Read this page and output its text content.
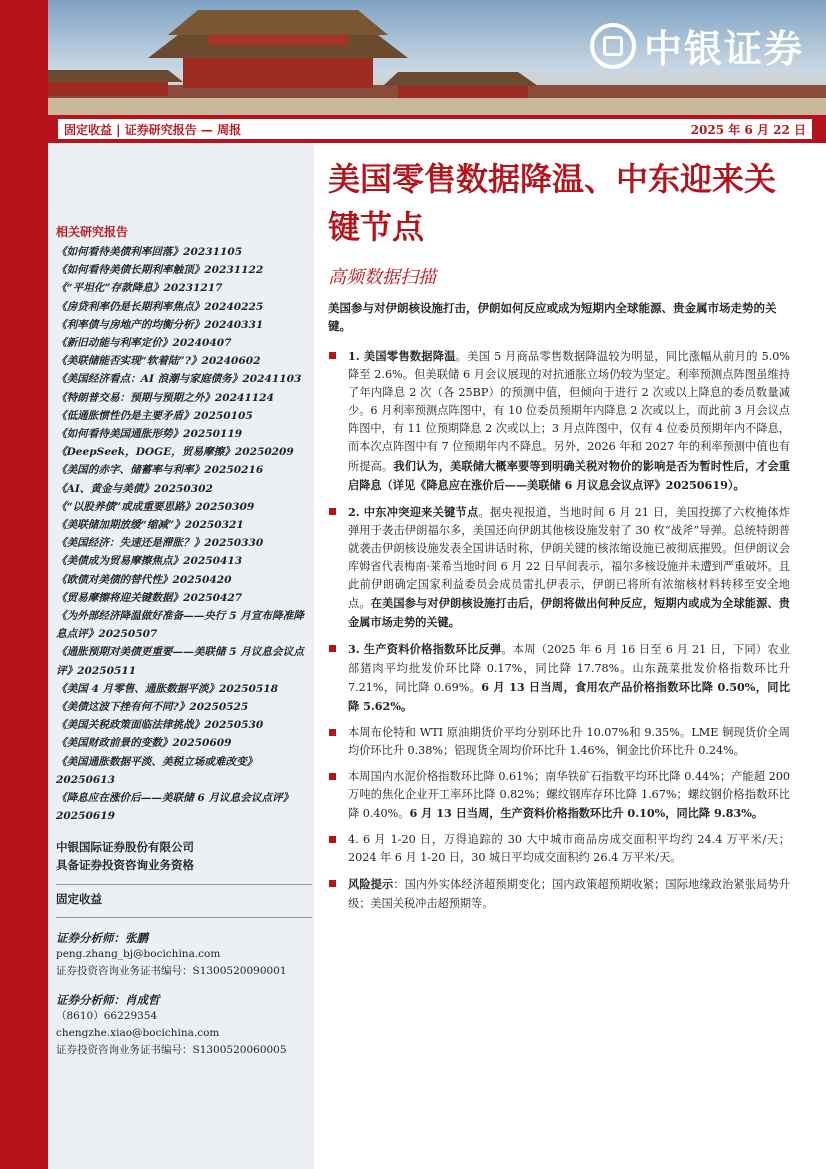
中银证券
固定收益 | 证券研究报告 — 周报	2025 年 6 月 22 日
相关研究报告
《如何看待美债利率回落》20231105
《如何看待美债长期利率触顶》20231122
《“平坦化”存款降息》20231217
《房贷利率仍是长期利率焦点》20240225
《利率债与房地产的均衡分析》20240331
《新旧动能与利率定价》20240407
《美联储能否实现“软着陆”?》20240602
《美国经济看点：AI 浪潮与家庭债务》20241103
《特朗普交易：预期与预期之外》20241124
《低通胀惯性仍是主要矛盾》20250105
《如何看待美国通胀形势》20250119
《DeepSeek，DOGE，贸易摩擦》20250209
《美国的赤字、储蓄率与利率》20250216
《AI、黄金与美债》20250302
《“以股养债”或成重要思路》20250309
《美联储加期放缓“缩减”》20250321
《美国经济：失速还是滞胀？》20250330
《美债成为贸易摩擦焦点》20250413
《欧债对美债的替代性》20250420
《贸易摩擦将迎关键数据》20250427
《为外部经济降温做好准备——央行 5 月宣布降准降息点评》20250507
《通胀预期对美债更重要——美联储 5 月议息会议点评》20250511
《美国 4 月零售、通胀数据平淡》20250518
《美债这波下挫有何不同?》20250525
《美国关税政策面临法律挑战》20250530
《美国财政前景的变数》20250609
《美国通胀数据平淡、美税立场或难改变》20250613
《降息应在涨价后——美联储 6 月议息会议点评》20250619
中银国际证券股份有限公司
具备证券投资咨询业务资格
固定收益
证券分析师：张鹏
peng.zhang_bj@bocichina.com
证券投资咨询业务证书编号：S1300520090001
证券分析师：肖成哲
（8610）66229354
chengzhe.xiao@bocichina.com
证券投资咨询业务证书编号：S1300520060005
美国零售数据降温、中东迎来关键节点
高频数据扫描
美国参与对伊朗核设施打击，伊朗如何反应或成为短期内全球能源、贵金属市场走势的关键。
1. 美国零售数据降温。美国 5 月商品零售数据降温较为明显，同比涨幅从前月的 5.0%降至 2.6%。但美联储 6 月会议展现的对抗通胀立场仍较为坚定。利率预测点阵图虽维持了年内降息 2 次（各 25BP）的预测中值，但倾向于进行 2 次或以上降息的委员数量减少。6 月利率预测点阵图中，有 10 位委员预期年内降息 2 次或以上，而此前 3 月会议点阵图中，有 11 位预期降息 2 次或以上；3 月点阵图中，仅有 4 位委员预期年内不降息，而本次点阵图中有 7 位预期年内不降息。另外，2026 年和 2027 年的利率预测中值也有所提高。我们认为，美联储大概率要等到明确关税对物价的影响是否为暂时性后，才会重启降息（详见《降息应在涨价后——美联储 6 月议息会议点评》20250619）。
2. 中东冲突迎来关键节点。据央视报道，当地时间 6 月 21 日，美国投掷了六枚掩体炸弹用于袭击伊朗福尔多，美国还向伊朗其他核设施发射了 30 枚“战斧”导弹。总统特朗普就袭击伊朗核设施发表全国讲话时称，伊朗关键的核浓缩设施已被彻底摧毁。但伊朗议会库姆省代表梅南·莱希当地时间 6 月 22 日早间表示，福尔多核设施并未遭到严重破坏。且此前伊朗确定国家利益委员会成员雷扎伊表示，伊朗已将所有浓缩核材料转移至安全地点。在美国参与对伊朗核设施打击后，伊朗将做出何种反应，短期内或成为全球能源、贵金属市场走势的关键。
3. 生产资料价格指数环比反弹。本周（2025 年 6 月 16 日至 6 月 21 日，下同）农业部猪肉平均批发价环比降 0.17%，同比降 17.78%。山东蔬菜批发价格指数环比升 7.21%，同比降 0.69%。6 月 13 日当周，食用农产品价格指数环比降 0.50%，同比降 5.62%。
本周布伦特和 WTI 原油期货价平均分别环比升 10.07%和 9.35%。LME 铜现货价全周均价环比升 0.38%；铝现货全周均价环比升 1.46%，铜金比价环比升 0.24%。
本周国内水泥价格指数环比降 0.61%；南华铁矿石指数平均环比降 0.44%；产能超 200 万吨的焦化企业开工率环比降 0.82%；螺纹钢库存环比降 1.67%；螺纹钢价格指数环比降 0.40%。6 月 13 日当周，生产资料价格指数环比升 0.10%，同比降 9.83%。
4. 6 月 1-20 日，万得追踪的 30 大中城市商品房成交面积平均约 24.4 万平米/天；2024 年 6 月 1-20 日，30 城日平均成交面积约 26.4 万平米/天。
风险提示：国内外实体经济超预期变化；国内政策超预期收紧；国际地缘政治紧张局势升级；美国关税冲击超预期等。
